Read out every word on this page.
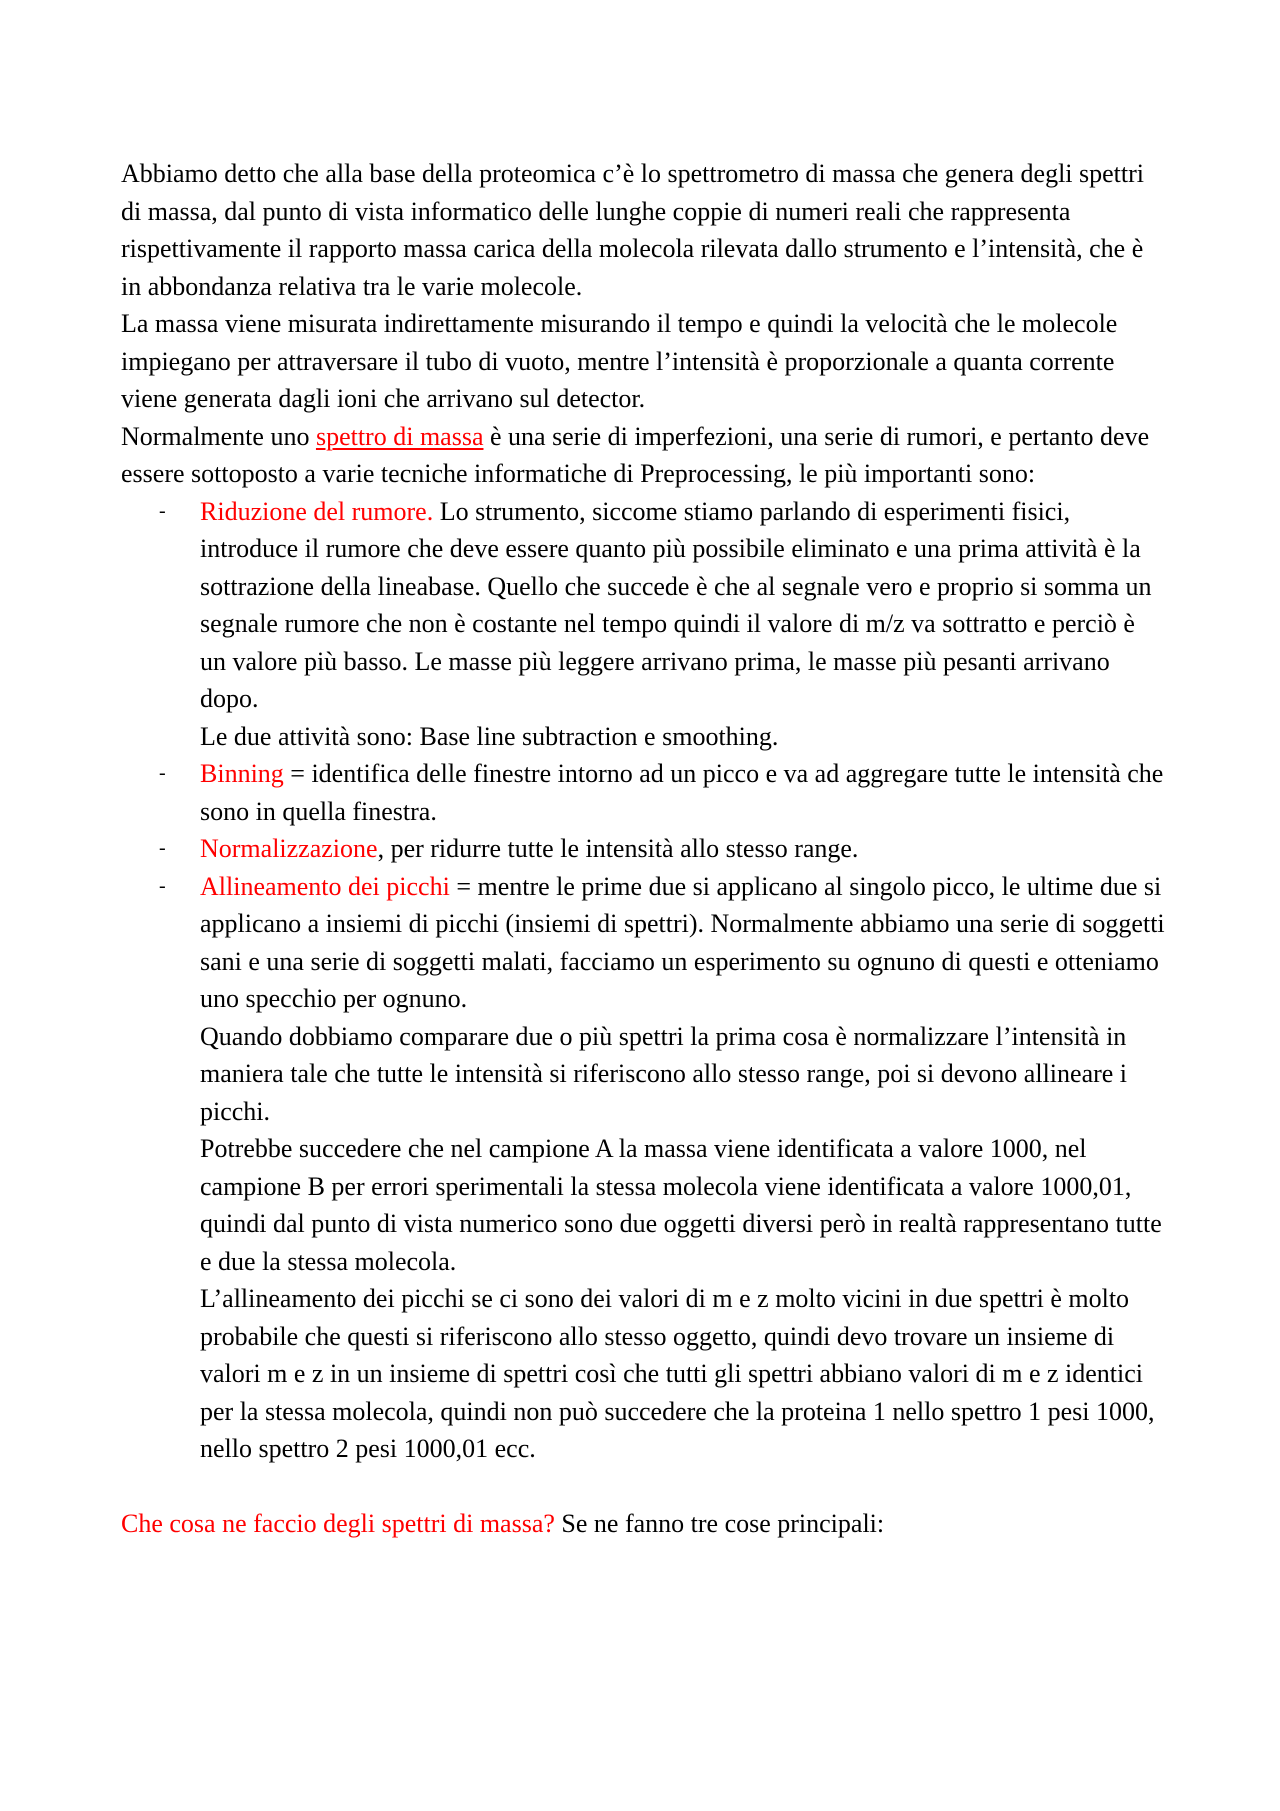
Abbiamo detto che alla base della proteomica c’è lo spettrometro di massa che genera degli spettri di massa, dal punto di vista informatico delle lunghe coppie di numeri reali che rappresenta rispettivamente il rapporto massa carica della molecola rilevata dallo strumento e l’intensità, che è in abbondanza relativa tra le varie molecole.

La massa viene misurata indirettamente misurando il tempo e quindi la velocità che le molecole impiegano per attraversare il tubo di vuoto, mentre l’intensità è proporzionale a quanta corrente viene generata dagli ioni che arrivano sul detector.

Normalmente uno spettro di massa è una serie di imperfezioni, una serie di rumori, e pertanto deve essere sottoposto a varie tecniche informatiche di Preprocessing, le più importanti sono:

- Riduzione del rumore. Lo strumento, siccome stiamo parlando di esperimenti fisici, introduce il rumore che deve essere quanto più possibile eliminato e una prima attività è la sottrazione della lineabase. Quello che succede è che al segnale vero e proprio si somma un segnale rumore che non è costante nel tempo quindi il valore di m/z va sottratto e perciò è un valore più basso. Le masse più leggere arrivano prima, le masse più pesanti arrivano dopo.
Le due attività sono: Base line subtraction e smoothing.
- Binning = identifica delle finestre intorno ad un picco e va ad aggregare tutte le intensità che sono in quella finestra.
- Normalizzazione, per ridurre tutte le intensità allo stesso range.
- Allineamento dei picchi = mentre le prime due si applicano al singolo picco, le ultime due si applicano a insiemi di picchi (insiemi di spettri). Normalmente abbiamo una serie di soggetti sani e una serie di soggetti malati, facciamo un esperimento su ognuno di questi e otteniamo uno specchio per ognuno.
Quando dobbiamo comparare due o più spettri la prima cosa è normalizzare l’intensità in maniera tale che tutte le intensità si riferiscono allo stesso range, poi si devono allineare i picchi.
Potrebbe succedere che nel campione A la massa viene identificata a valore 1000, nel campione B per errori sperimentali la stessa molecola viene identificata a valore 1000,01, quindi dal punto di vista numerico sono due oggetti diversi però in realtà rappresentano tutte e due la stessa molecola.
L’allineamento dei picchi se ci sono dei valori di m e z molto vicini in due spettri è molto probabile che questi si riferiscono allo stesso oggetto, quindi devo trovare un insieme di valori m e z in un insieme di spettri così che tutti gli spettri abbiano valori di m e z identici per la stessa molecola, quindi non può succedere che la proteina 1 nello spettro 1 pesi 1000, nello spettro 2 pesi 1000,01 ecc.

Che cosa ne faccio degli spettri di massa? Se ne fanno tre cose principali:
